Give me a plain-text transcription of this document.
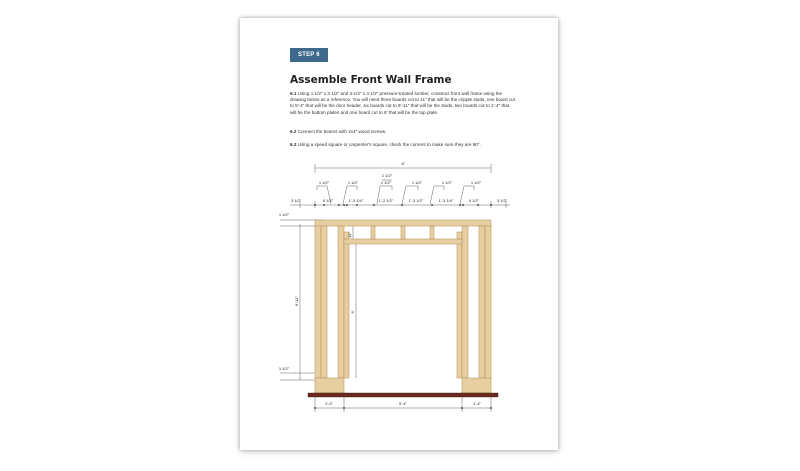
STEP 6
Assemble Front Wall Frame
6.1 Using 1 1/2" x 3 1/2" and 3-1/2" x 3 1/2" pressure-treated lumber, construct front wall frame using the drawing below as a reference. You will need three boards cut to 11" that will be the cripple studs, one board cut to 5'-4" that will be the door header, six boards cut to 6'-11" that will be the studs, two boards cut to 1'-4" that will be the bottom plates and one board cut to 8' that will be the top plate.
6.2 Connect the beams with 2x4" wood screws.
6.3 Using a speed square or carpenter's square, check the corners to make sure they are 90°.
8'
1 1/2"
1 1/2"	1 1/2"	1 1/2"	1 1/2"	1 1/2"	1 1/2"
3 1/2"	9 1/2"	1'-3 1/4"	1'-2 1/2"	1'-3 1/2"	1'-3 1/4"	9 1/2"	3 1/2"
1 1/2"
6'-11"
1 1/2"
11"
6'
1'-4"	5'-4"	1'-4"
